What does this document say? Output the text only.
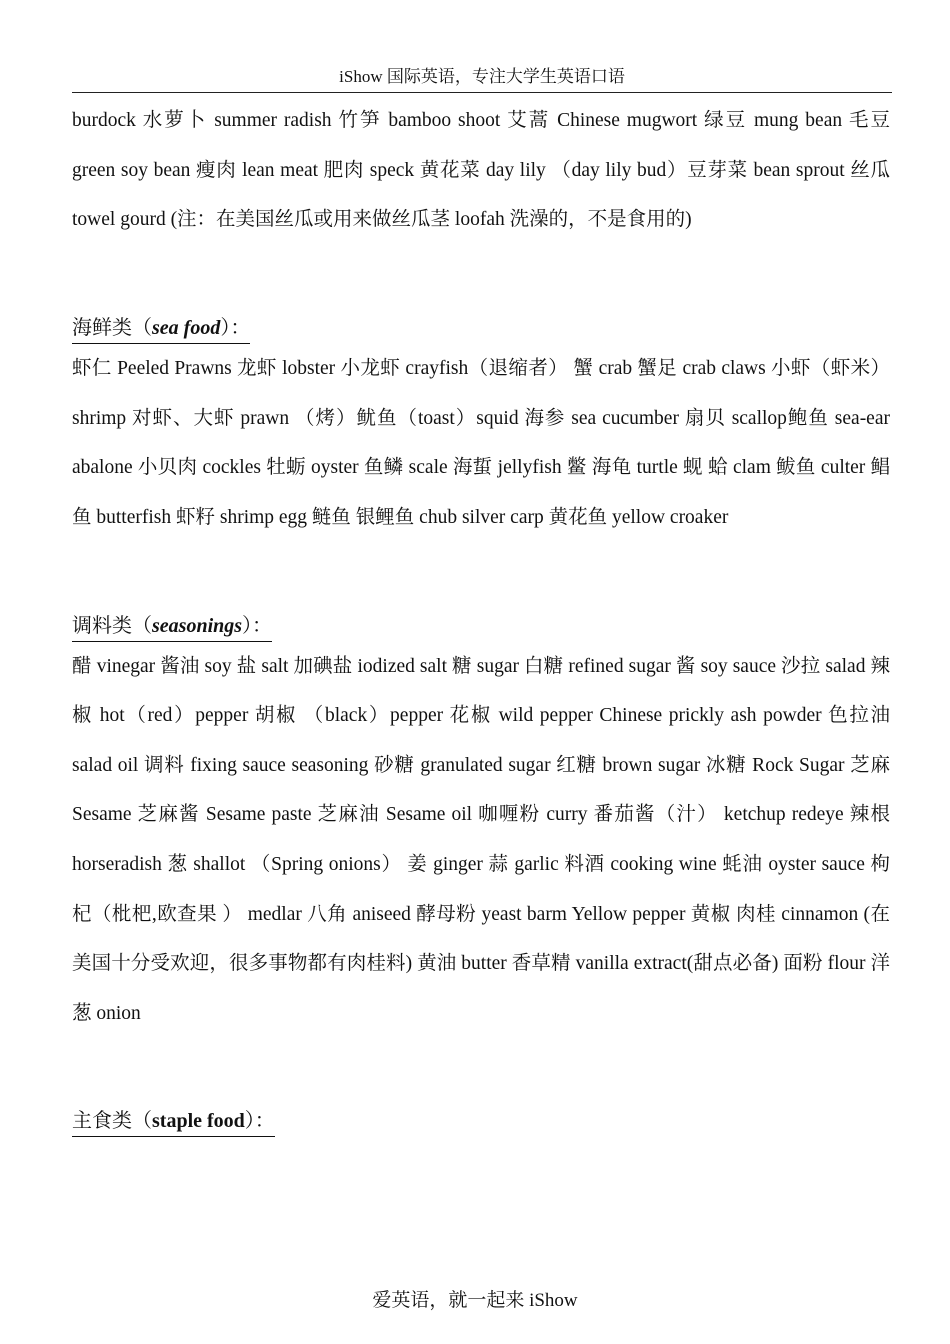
iShow 国际英语，专注大学生英语口语

burdock 水萝卜 summer radish 竹笋 bamboo shoot 艾蒿 Chinese mugwort 绿豆 mung bean 毛豆 green soy bean 瘦肉 lean meat 肥肉 speck 黄花菜 day lily （day lily bud）豆芽菜 bean sprout 丝瓜 towel gourd (注：在美国丝瓜或用来做丝瓜茎 loofah 洗澡的，不是食用的)

海鲜类（sea food）：

虾仁 Peeled Prawns 龙虾 lobster 小龙虾 crayfish（退缩者） 蟹 crab 蟹足 crab claws 小虾（虾米） shrimp 对虾、大虾 prawn （烤）鱿鱼（toast）squid 海参 sea cucumber 扇贝 scallop鲍鱼 sea-ear abalone 小贝肉 cockles 牡蛎 oyster 鱼鳞 scale 海蜇 jellyfish 鳖 海龟 turtle 蚬 蛤 clam 鲅鱼 culter 鲳鱼 butterfish 虾籽 shrimp egg 鲢鱼 银鲤鱼 chub silver carp 黄花鱼 yellow croaker

调料类（seasonings）：

醋 vinegar 酱油 soy 盐 salt 加碘盐 iodized salt 糖 sugar 白糖 refined sugar 酱 soy sauce 沙拉 salad 辣椒 hot（red）pepper 胡椒 （black）pepper 花椒 wild pepper Chinese prickly ash powder 色拉油 salad oil 调料 fixing sauce seasoning 砂糖 granulated sugar 红糖 brown sugar 冰糖 Rock Sugar 芝麻 Sesame 芝麻酱 Sesame paste 芝麻油 Sesame oil 咖喱粉 curry 番茄酱（汁） ketchup redeye 辣根 horseradish 葱 shallot （Spring onions） 姜 ginger 蒜 garlic 料酒 cooking wine 蚝油 oyster sauce 枸杞（枇杷,欧查果 ） medlar 八角 aniseed 酵母粉 yeast barm Yellow pepper 黄椒 肉桂 cinnamon (在美国十分受欢迎，很多事物都有肉桂料) 黄油 butter 香草精 vanilla extract(甜点必备) 面粉 flour 洋葱 onion

主食类（staple food）：
爱英语，就一起来 iShow
